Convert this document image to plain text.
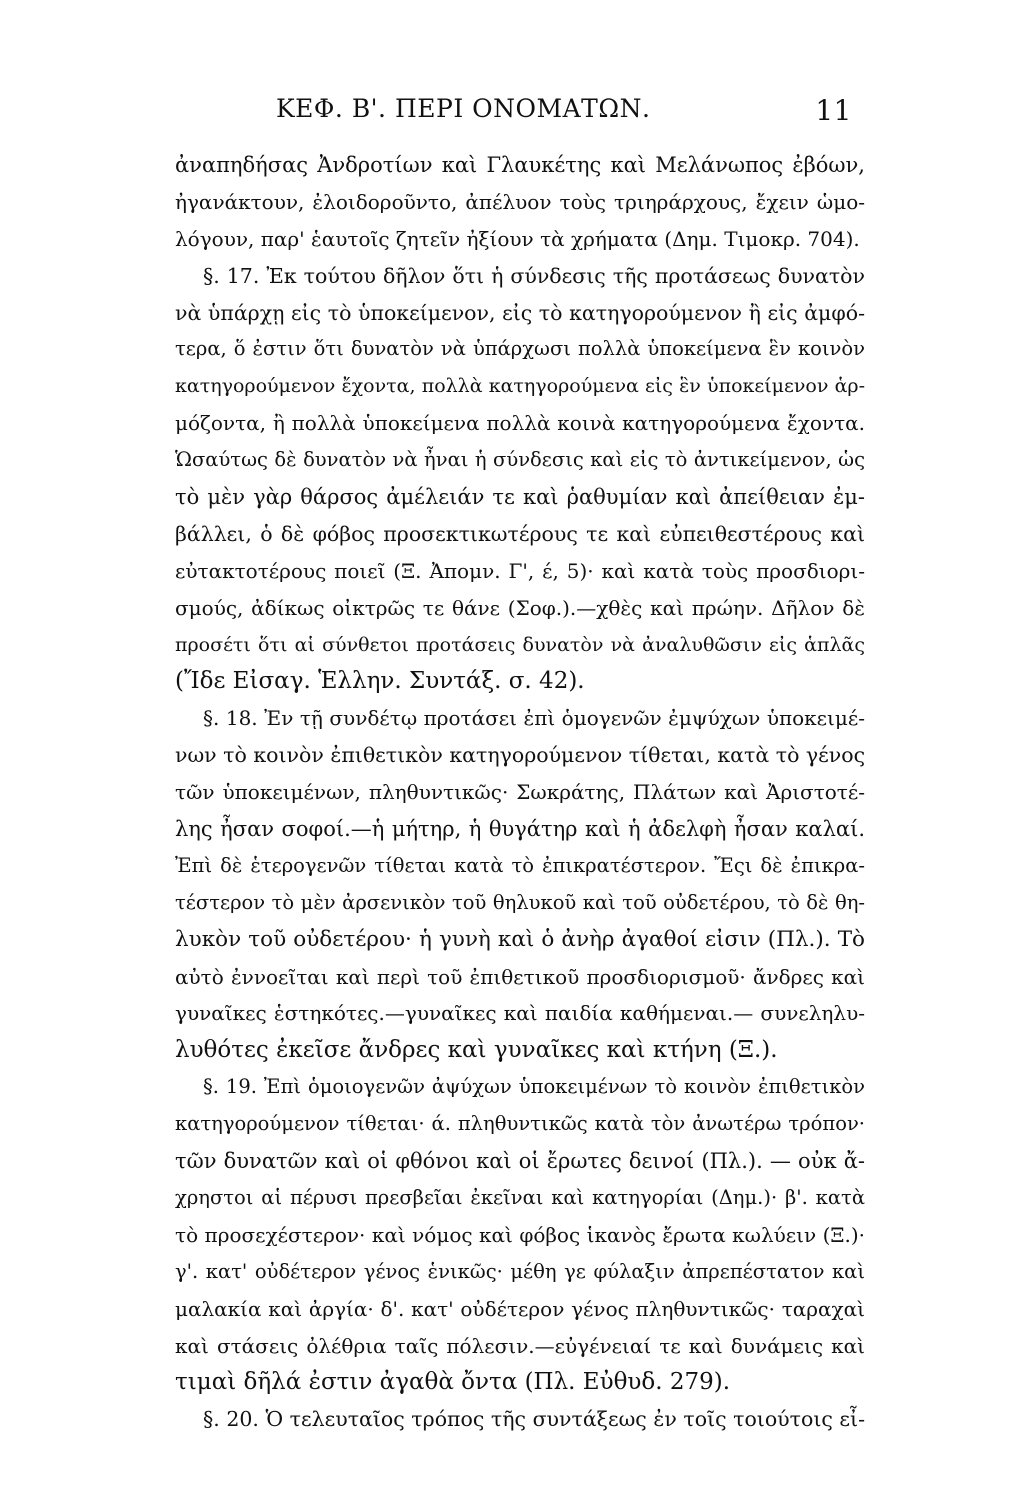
ΚΕΦ. Β'. ΠΕΡΙ ΟΝΟΜΑΤΩΝ.	11
ἀναπηδήσας Ἀνδροτίων καὶ Γλαυκέτης καὶ Μελάνωπος ἐβόων,
ἠγανάκτουν, ἐλοιδοροῦντο, ἀπέλυον τοὺς τριηράρχους, ἔχειν ὡμο-
λόγουν, παρ' ἑαυτοῖς ζητεῖν ἠξίουν τὰ χρήματα (Δημ. Τιμοκρ. 704).
§. 17. Ἐκ τούτου δῆλον ὅτι ἡ σύνδεσις τῆς προτάσεως δυνατὸν
νὰ ὑπάρχῃ εἰς τὸ ὑποκείμενον, εἰς τὸ κατηγορούμενον ἢ εἰς ἀμφό-
τερα, ὅ ἐστιν ὅτι δυνατὸν νὰ ὑπάρχωσι πολλὰ ὑποκείμενα ἓν κοινὸν
κατηγορούμενον ἔχοντα, πολλὰ κατηγορούμενα εἰς ἓν ὑποκείμενον ἁρ-
μόζοντα, ἢ πολλὰ ὑποκείμενα πολλὰ κοινὰ κατηγορούμενα ἔχοντα.
Ὡσαύτως δὲ δυνατὸν νὰ ἦναι ἡ σύνδεσις καὶ εἰς τὸ ἀντικείμενον, ὡς
τὸ μὲν γὰρ θάρσος ἀμέλειάν τε καὶ ῥαθυμίαν καὶ ἀπείθειαν ἐμ-
βάλλει, ὁ δὲ φόβος προσεκτικωτέρους τε καὶ εὐπειθεστέρους καὶ
εὐτακτοτέρους ποιεῖ (Ξ. Ἀπομν. Γ', έ, 5)· καὶ κατὰ τοὺς προσδιορι-
σμούς, ἀδίκως οἰκτρῶς τε θάνε (Σοφ.).—χθὲς καὶ πρώην. Δῆλον δὲ
προσέτι ὅτι αἱ σύνθετοι προτάσεις δυνατὸν νὰ ἀναλυθῶσιν εἰς ἁπλᾶς
(Ἴδε Εἰσαγ. Ἑλλην. Συντάξ. σ. 42).
§. 18. Ἐν τῇ συνδέτῳ προτάσει ἐπὶ ὁμογενῶν ἐμψύχων ὑποκειμέ-
νων τὸ κοινὸν ἐπιθετικὸν κατηγορούμενον τίθεται, κατὰ τὸ γένος
τῶν ὑποκειμένων, πληθυντικῶς· Σωκράτης, Πλάτων καὶ Ἀριστοτέ-
λης ἦσαν σοφοί.—ἡ μήτηρ, ἡ θυγάτηρ καὶ ἡ ἀδελφὴ ἦσαν καλαί.
Ἐπὶ δὲ ἑτερογενῶν τίθεται κατὰ τὸ ἐπικρατέστερον. Ἔςι δὲ ἐπικρα-
τέστερον τὸ μὲν ἀρσενικὸν τοῦ θηλυκοῦ καὶ τοῦ οὐδετέρου, τὸ δὲ θη-
λυκὸν τοῦ οὐδετέρου· ἡ γυνὴ καὶ ὁ ἀνὴρ ἀγαθοί εἰσιν (Πλ.). Τὸ
αὐτὸ ἐννοεῖται καὶ περὶ τοῦ ἐπιθετικοῦ προσδιορισμοῦ· ἄνδρες καὶ
γυναῖκες ἑστηκότες.—γυναῖκες καὶ παιδία καθήμεναι.— συνεληλυ-
λυθότες ἐκεῖσε ἄνδρες καὶ γυναῖκες καὶ κτήνη (Ξ.).
§. 19. Ἐπὶ ὁμοιογενῶν ἀψύχων ὑποκειμένων τὸ κοινὸν ἐπιθετικὸν
κατηγορούμενον τίθεται· ά. πληθυντικῶς κατὰ τὸν ἀνωτέρω τρόπον·
τῶν δυνατῶν καὶ οἱ φθόνοι καὶ οἱ ἔρωτες δεινοί (Πλ.). — οὐκ ἄ-
χρηστοι αἱ πέρυσι πρεσβεῖαι ἐκεῖναι καὶ κατηγορίαι (Δημ.)· β'. κατὰ
τὸ προσεχέστερον· καὶ νόμος καὶ φόβος ἱκανὸς ἔρωτα κωλύειν (Ξ.)·
γ'. κατ' οὐδέτερον γένος ἑνικῶς· μέθη γε φύλαξιν ἀπρεπέστατον καὶ
μαλακία καὶ ἀργία· δ'. κατ' οὐδέτερον γένος πληθυντικῶς· ταραχαὶ
καὶ στάσεις ὀλέθρια ταῖς πόλεσιν.—εὐγένειαί τε καὶ δυνάμεις καὶ
τιμαὶ δῆλά ἐστιν ἀγαθὰ ὄντα (Πλ. Εὐθυδ. 279).
§. 20. Ὁ τελευταῖος τρόπος τῆς συντάξεως ἐν τοῖς τοιούτοις εἶ-
